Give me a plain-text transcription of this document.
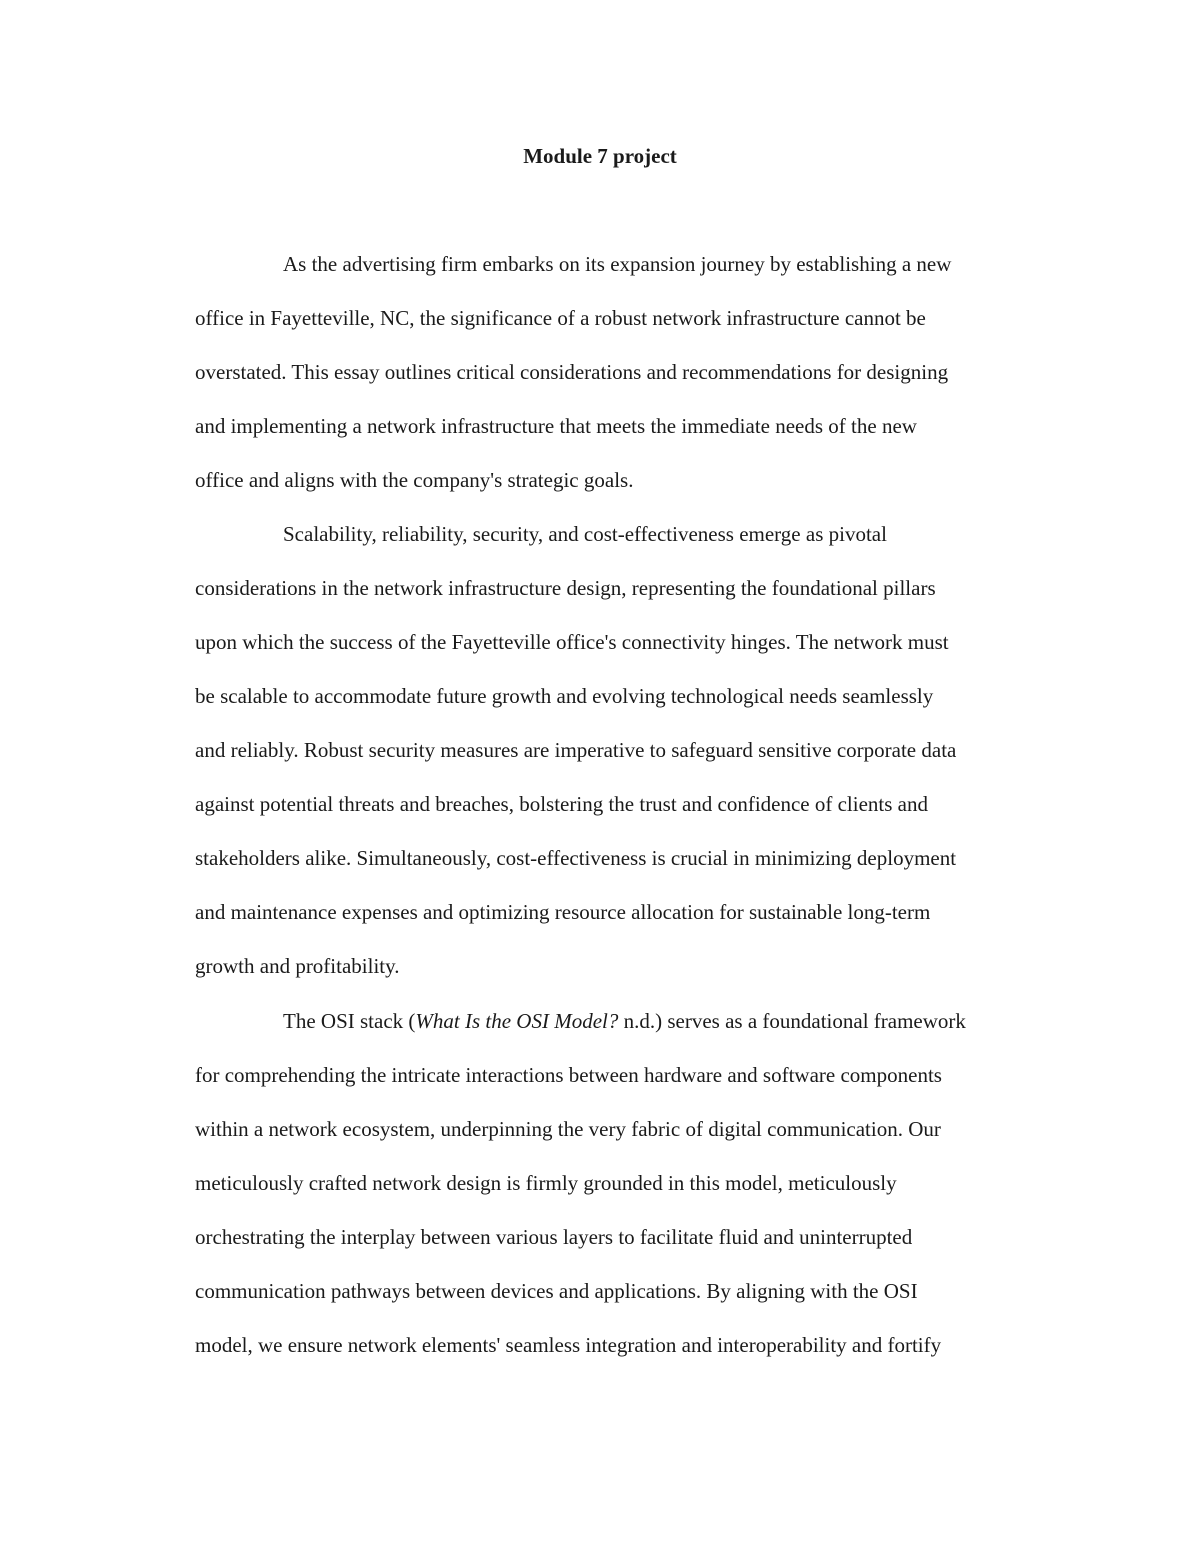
Module 7 project

As the advertising firm embarks on its expansion journey by establishing a new

office in Fayetteville, NC, the significance of a robust network infrastructure cannot be

overstated. This essay outlines critical considerations and recommendations for designing

and implementing a network infrastructure that meets the immediate needs of the new

office and aligns with the company's strategic goals.

Scalability, reliability, security, and cost-effectiveness emerge as pivotal

considerations in the network infrastructure design, representing the foundational pillars

upon which the success of the Fayetteville office's connectivity hinges. The network must

be scalable to accommodate future growth and evolving technological needs seamlessly

and reliably. Robust security measures are imperative to safeguard sensitive corporate data

against potential threats and breaches, bolstering the trust and confidence of clients and

stakeholders alike. Simultaneously, cost-effectiveness is crucial in minimizing deployment

and maintenance expenses and optimizing resource allocation for sustainable long-term

growth and profitability.

The OSI stack (What Is the OSI Model? n.d.) serves as a foundational framework

for comprehending the intricate interactions between hardware and software components

within a network ecosystem, underpinning the very fabric of digital communication. Our

meticulously crafted network design is firmly grounded in this model, meticulously

orchestrating the interplay between various layers to facilitate fluid and uninterrupted

communication pathways between devices and applications. By aligning with the OSI

model, we ensure network elements' seamless integration and interoperability and fortify
